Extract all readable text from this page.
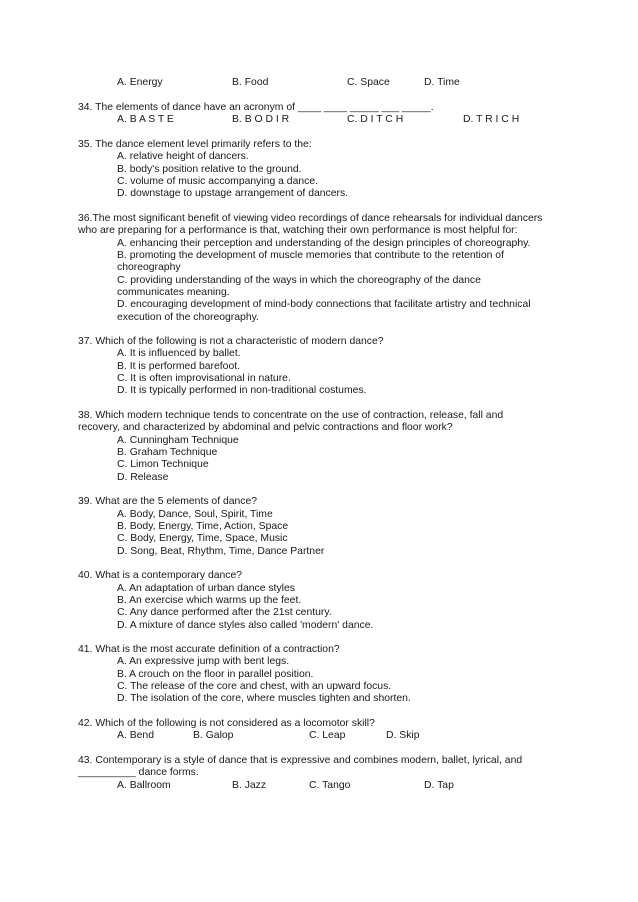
A. Energy	B. Food	C. Space	D. Time
34. The elements of dance have an acronym of ____ ____ _____ ___ _____.
A. B A S T E	B. B O D I R	C. D I T C H	D. T R I C H
35. The dance element level primarily refers to the:
A. relative height of dancers.
B. body's position relative to the ground.
C. volume of music accompanying a dance.
D. downstage to upstage arrangement of dancers.
36.The most significant benefit of viewing video recordings of dance rehearsals for individual dancers
who are preparing for a performance is that, watching their own performance is most helpful for:
A. enhancing their perception and understanding of the design principles of choreography.
B. promoting the development of muscle memories that contribute to the retention of
choreography
C. providing understanding of the ways in which the choreography of the dance
communicates meaning.
D. encouraging development of mind-body connections that facilitate artistry and technical
execution of the choreography.
37. Which of the following is not a characteristic of modern dance?
A. It is influenced by ballet.
B. It is performed barefoot.
C. It is often improvisational in nature.
D. It is typically performed in non-traditional costumes.
38. Which modern technique tends to concentrate on the use of contraction, release, fall and
recovery, and characterized by abdominal and pelvic contractions and floor work?
A. Cunningham Technique
B. Graham Technique
C. Limon Technique
D. Release
39. What are the 5 elements of dance?
A. Body, Dance, Soul, Spirit, Time
B. Body, Energy, Time, Action, Space
C. Body, Energy, Time, Space, Music
D. Song, Beat, Rhythm, Time, Dance Partner
40. What is a contemporary dance?
A. An adaptation of urban dance styles
B. An exercise which warms up the feet.
C. Any dance performed after the 21st century.
D. A mixture of dance styles also called 'modern' dance.
41. What is the most accurate definition of a contraction?
A. An expressive jump with bent legs.
B. A crouch on the floor in parallel position.
C. The release of the core and chest, with an upward focus.
D. The isolation of the core, where muscles tighten and shorten.
42. Which of the following is not considered as a locomotor skill?
A. Bend	B. Galop	C. Leap	D. Skip
43. Contemporary is a style of dance that is expressive and combines modern, ballet, lyrical, and
__________ dance forms.
A. Ballroom	B. Jazz	C. Tango	D. Tap
